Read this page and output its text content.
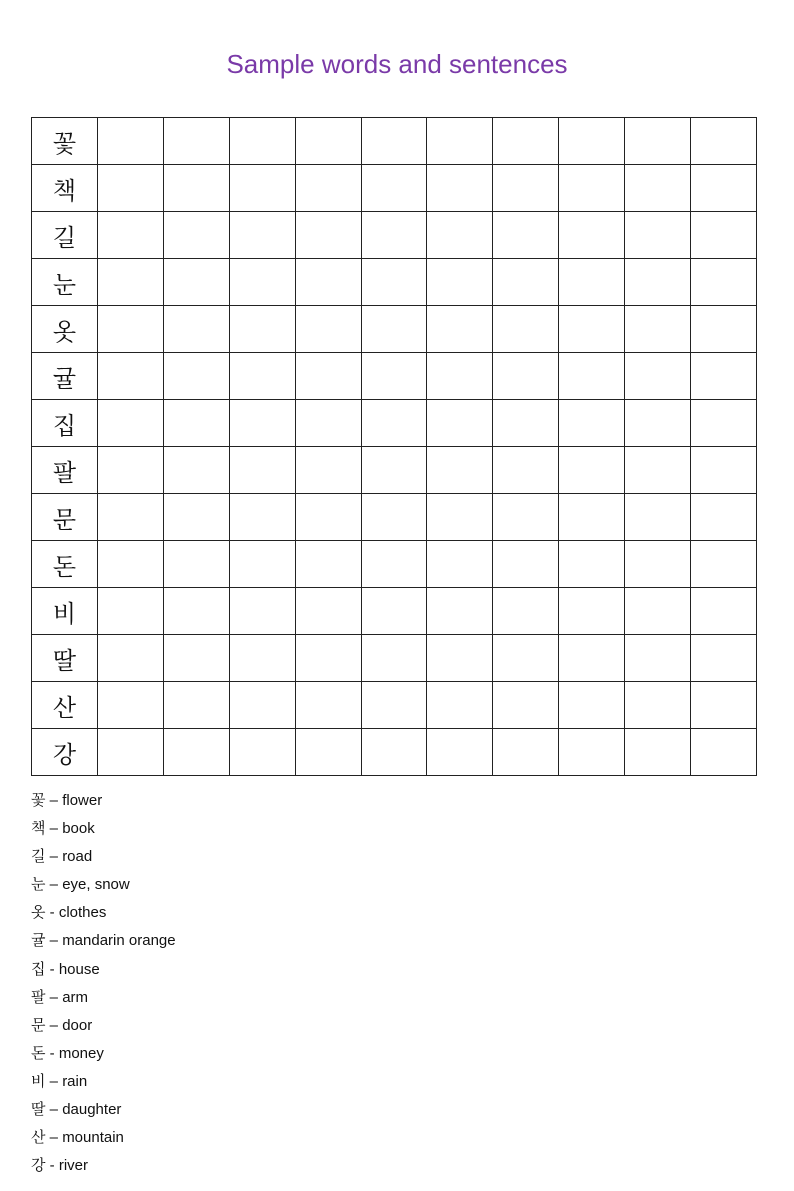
Sample words and sentences
꽃										
책										
길										
눈										
옷										
귤										
집										
팔										
문										
돈										
비										
딸										
산										
강										
꽃 – flower
책 – book
길 – road
눈 – eye, snow
옷 - clothes
귤 – mandarin orange
집 - house
팔 – arm
문 – door
돈 - money
비 – rain
딸 – daughter
산 – mountain
강 - river
